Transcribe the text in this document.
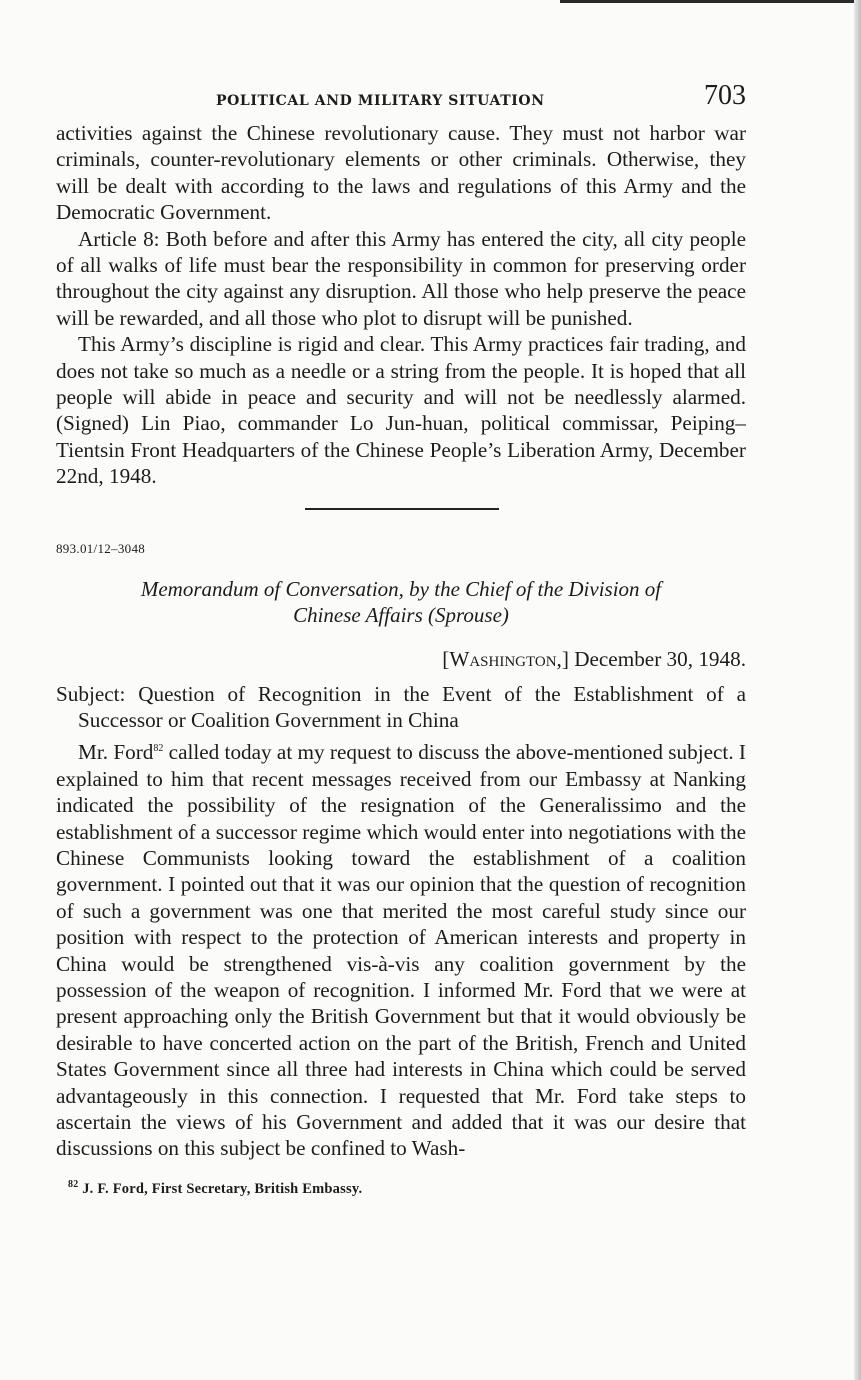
POLITICAL AND MILITARY SITUATION	703

activities against the Chinese revolutionary cause. They must not harbor war criminals, counter-revolutionary elements or other criminals. Otherwise, they will be dealt with according to the laws and regulations of this Army and the Democratic Government.

Article 8: Both before and after this Army has entered the city, all city people of all walks of life must bear the responsibility in common for preserving order throughout the city against any disruption. All those who help preserve the peace will be rewarded, and all those who plot to disrupt will be punished.

This Army’s discipline is rigid and clear. This Army practices fair trading, and does not take so much as a needle or a string from the people. It is hoped that all people will abide in peace and security and will not be needlessly alarmed. (Signed) Lin Piao, commander Lo Jun-huan, political commissar, Peiping–Tientsin Front Headquarters of the Chinese People’s Liberation Army, December 22nd, 1948.

893.01/12–3048
Memorandum of Conversation, by the Chief of the Division of
Chinese Affairs (Sprouse)
[Washington,] December 30, 1948.

Subject: Question of Recognition in the Event of the Establishment of a Successor or Coalition Government in China

Mr. Ford$^{82}$ called today at my request to discuss the above-mentioned subject. I explained to him that recent messages received from our Embassy at Nanking indicated the possibility of the resignation of the Generalissimo and the establishment of a successor regime which would enter into negotiations with the Chinese Communists looking toward the establishment of a coalition government. I pointed out that it was our opinion that the question of recognition of such a government was one that merited the most careful study since our position with respect to the protection of American interests and property in China would be strengthened vis-à-vis any coalition government by the possession of the weapon of recognition. I informed Mr. Ford that we were at present approaching only the British Government but that it would obviously be desirable to have concerted action on the part of the British, French and United States Government since all three had interests in China which could be served advantageously in this connection. I requested that Mr. Ford take steps to ascertain the views of his Government and added that it was our desire that discussions on this subject be confined to Wash-

$^{82}$ J. F. Ford, First Secretary, British Embassy.
